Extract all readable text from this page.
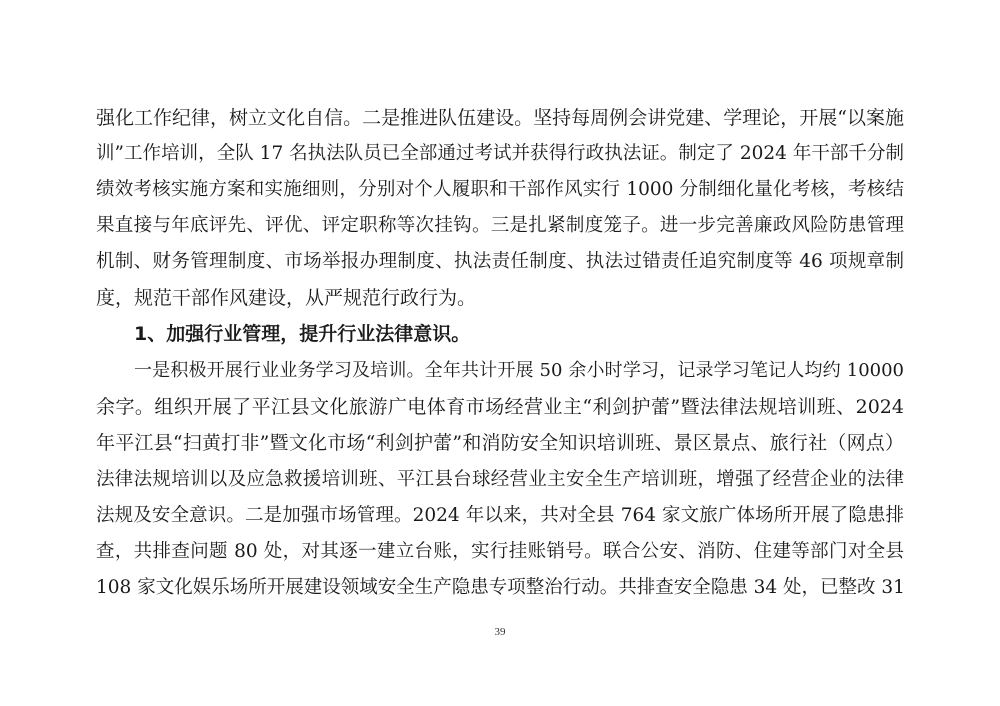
强化工作纪律，树立文化自信。二是推进队伍建设。坚持每周例会讲党建、学理论，开展“以案施
训”工作培训，全队 17 名执法队员已全部通过考试并获得行政执法证。制定了 2024 年干部千分制
绩效考核实施方案和实施细则，分别对个人履职和干部作风实行 1000 分制细化量化考核，考核结
果直接与年底评先、评优、评定职称等次挂钩。三是扎紧制度笼子。进一步完善廉政风险防患管理
机制、财务管理制度、市场举报办理制度、执法责任制度、执法过错责任追究制度等 46 项规章制
度，规范干部作风建设，从严规范行政行为。
1、加强行业管理，提升行业法律意识。
一是积极开展行业业务学习及培训。全年共计开展 50 余小时学习，记录学习笔记人均约 10000
余字。组织开展了平江县文化旅游广电体育市场经营业主“利剑护蕾”暨法律法规培训班、2024
年平江县“扫黄打非”暨文化市场“利剑护蕾”和消防安全知识培训班、景区景点、旅行社（网点）
法律法规培训以及应急救援培训班、平江县台球经营业主安全生产培训班，增强了经营企业的法律
法规及安全意识。二是加强市场管理。2024 年以来，共对全县 764 家文旅广体场所开展了隐患排
查，共排查问题 80 处，对其逐一建立台账，实行挂账销号。联合公安、消防、住建等部门对全县
108 家文化娱乐场所开展建设领域安全生产隐患专项整治行动。共排查安全隐患 34 处，已整改 31
39
